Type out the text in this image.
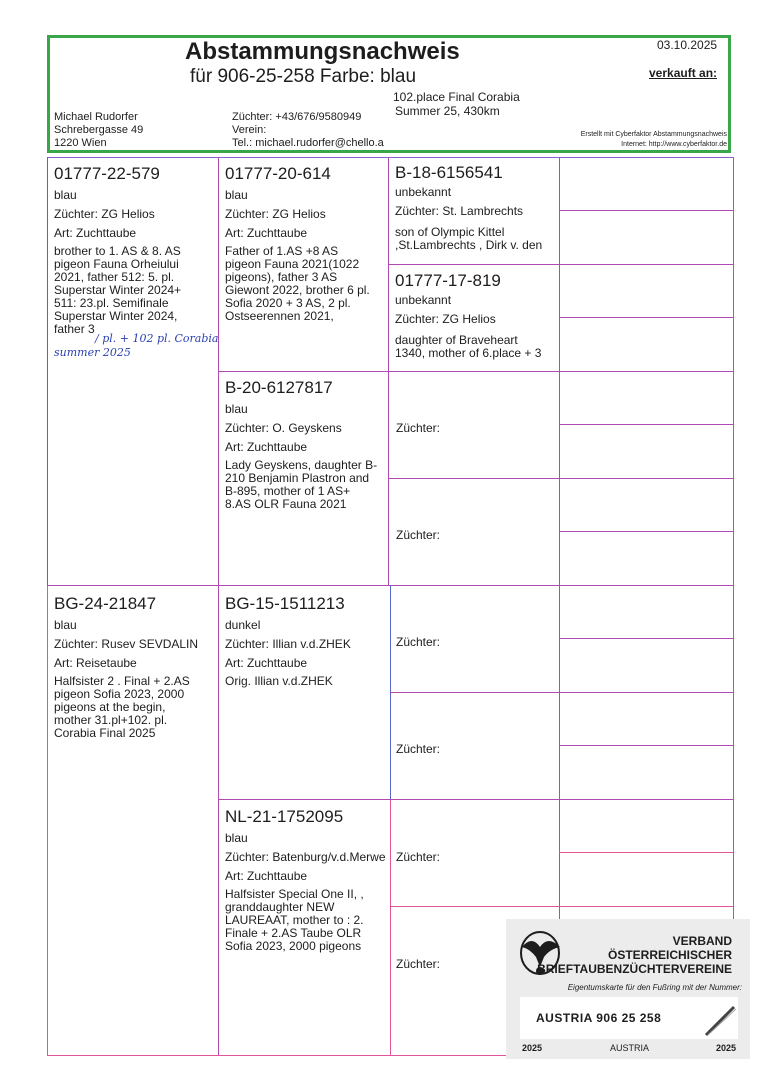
Abstammungsnachweis
für 906-25-258 Farbe: blau
03.10.2025
verkauft an:
Michael Rudorfer
Schrebergasse 49
1220 Wien
Züchter: +43/676/9580949
Verein:
Tel.: michael.rudorfer@chello.a
102.place Final Corabia
Summer 25, 430km
Erstellt mit Cyberfaktor Abstammungsnachweis
Internet: http://www.cyberfaktor.de
01777-22-579
blau
Züchter: ZG Helios
Art: Zuchttaube
brother to 1. AS & 8. AS
pigeon Fauna Orheiului
2021, father 512: 5. pl.
Superstar Winter 2024+
511: 23.pl. Semifinale
Superstar Winter 2024,
father 3
/ pl. + 102 pl. Corabia
summer 2025
01777-20-614
blau
Züchter: ZG Helios
Art: Zuchttaube
Father of 1.AS +8 AS
pigeon Fauna 2021(1022
pigeons), father 3 AS
Giewont 2022, brother 6 pl.
Sofia 2020 + 3 AS, 2 pl.
Ostseerennen 2021,
B-18-6156541
unbekannt
Züchter: St. Lambrechts
son of Olympic Kittel
,St.Lambrechts , Dirk v. den
01777-17-819
unbekannt
Züchter: ZG Helios
daughter of Braveheart
1340, mother of 6.place + 3
B-20-6127817
blau
Züchter: O. Geyskens
Art: Zuchttaube
Lady Geyskens, daughter B-
210 Benjamin Plastron and
B-895, mother of 1 AS+
8.AS OLR Fauna 2021
Züchter:
Züchter:
BG-24-21847
blau
Züchter: Rusev SEVDALIN
Art: Reisetaube
Halfsister 2 . Final + 2.AS
pigeon Sofia 2023, 2000
pigeons at the begin,
mother 31.pl+102. pl.
Corabia Final 2025
BG-15-1511213
dunkel
Züchter: Illian v.d.ZHEK
Art: Zuchttaube
Orig. Illian v.d.ZHEK
Züchter:
Züchter:
NL-21-1752095
blau
Züchter: Batenburg/v.d.Merwe
Art: Zuchttaube
Halfsister Special One II, ,
granddaughter NEW
LAUREAAT, mother to : 2.
Finale + 2.AS Taube OLR
Sofia 2023, 2000 pigeons
Züchter:
Züchter:
VERBAND
ÖSTERREICHISCHER
BRIEFTAUBENZÜCHTERVEREINE
Eigentumskarte für den Fußring mit der Nummer:
AUSTRIA 906 25 258
2025	AUSTRIA	2025
